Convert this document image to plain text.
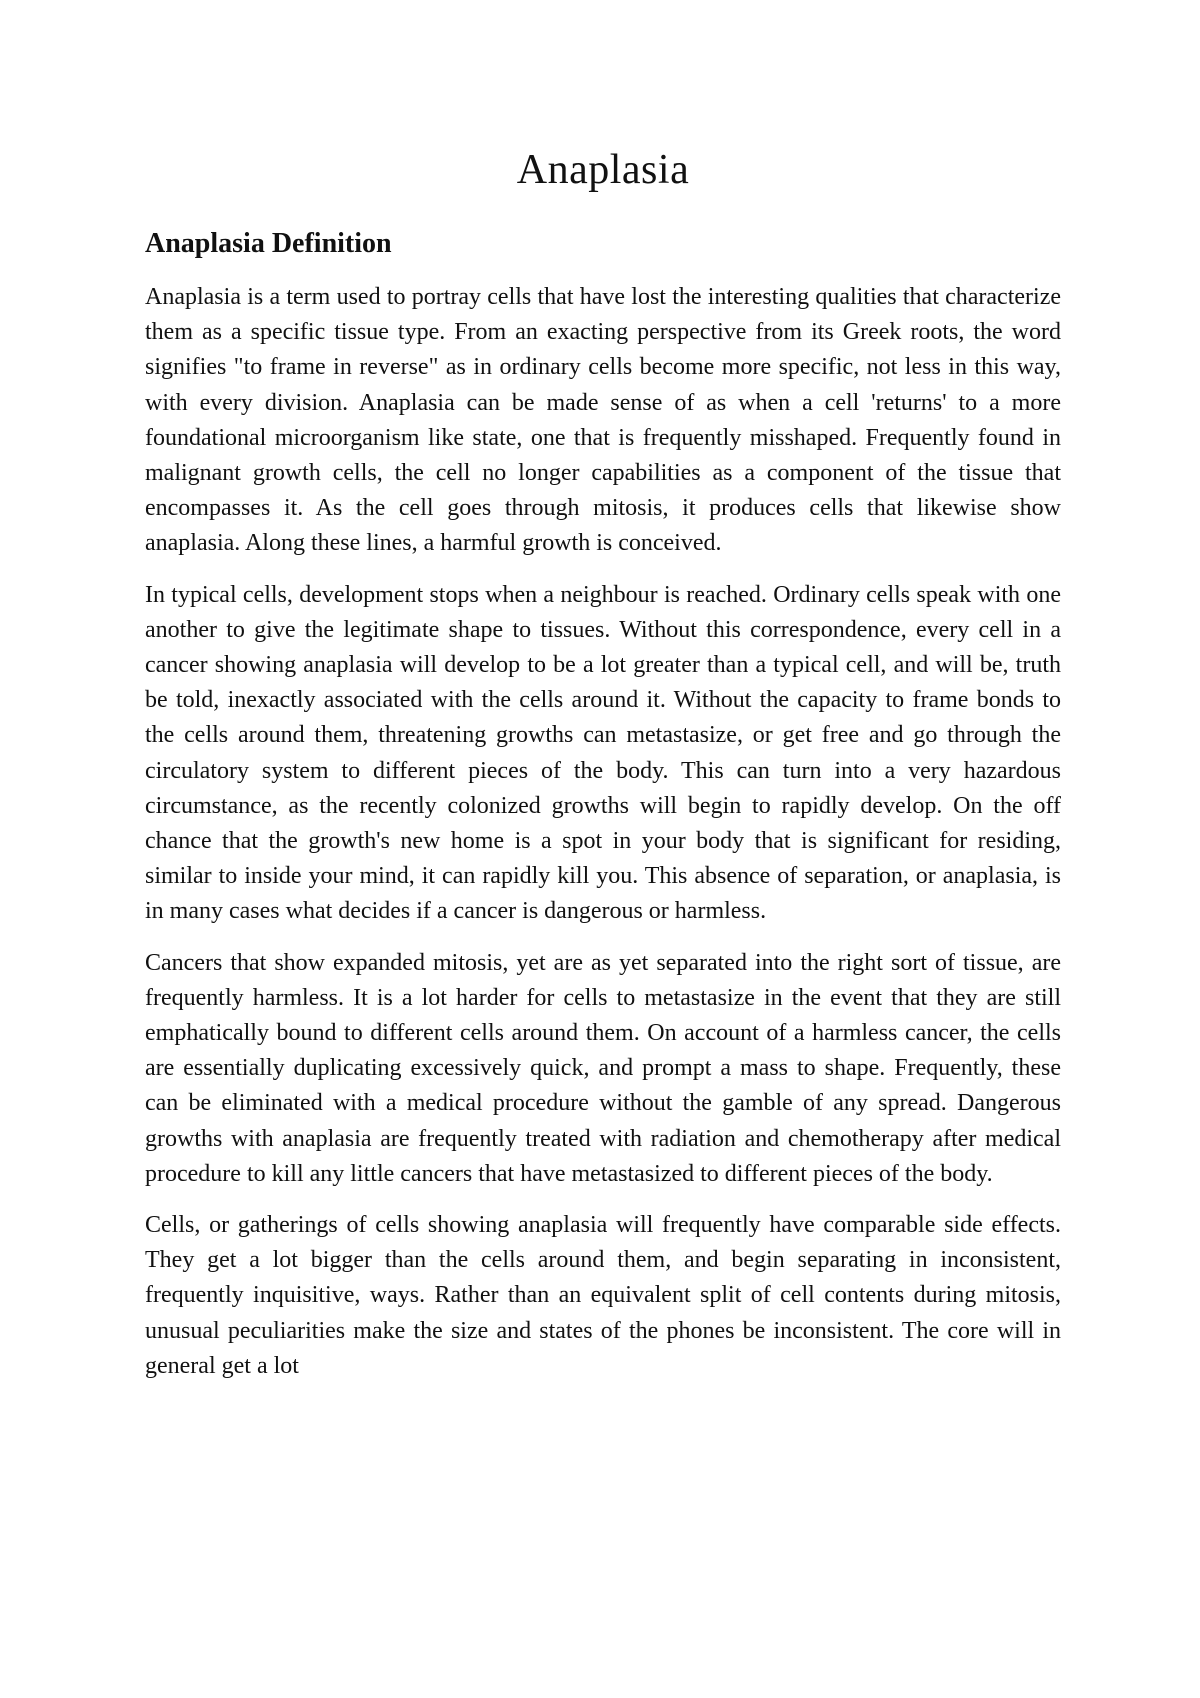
Anaplasia
Anaplasia Definition

Anaplasia is a term used to portray cells that have lost the interesting qualities that characterize them as a specific tissue type. From an exacting perspective from its Greek roots, the word signifies "to frame in reverse" as in ordinary cells become more specific, not less in this way, with every division. Anaplasia can be made sense of as when a cell 'returns' to a more foundational microorganism like state, one that is frequently misshaped. Frequently found in malignant growth cells, the cell no longer capabilities as a component of the tissue that encompasses it. As the cell goes through mitosis, it produces cells that likewise show anaplasia. Along these lines, a harmful growth is conceived.

In typical cells, development stops when a neighbour is reached. Ordinary cells speak with one another to give the legitimate shape to tissues. Without this correspondence, every cell in a cancer showing anaplasia will develop to be a lot greater than a typical cell, and will be, truth be told, inexactly associated with the cells around it. Without the capacity to frame bonds to the cells around them, threatening growths can metastasize, or get free and go through the circulatory system to different pieces of the body. This can turn into a very hazardous circumstance, as the recently colonized growths will begin to rapidly develop. On the off chance that the growth's new home is a spot in your body that is significant for residing, similar to inside your mind, it can rapidly kill you. This absence of separation, or anaplasia, is in many cases what decides if a cancer is dangerous or harmless.

Cancers that show expanded mitosis, yet are as yet separated into the right sort of tissue, are frequently harmless. It is a lot harder for cells to metastasize in the event that they are still emphatically bound to different cells around them. On account of a harmless cancer, the cells are essentially duplicating excessively quick, and prompt a mass to shape. Frequently, these can be eliminated with a medical procedure without the gamble of any spread. Dangerous growths with anaplasia are frequently treated with radiation and chemotherapy after medical procedure to kill any little cancers that have metastasized to different pieces of the body.

Cells, or gatherings of cells showing anaplasia will frequently have comparable side effects. They get a lot bigger than the cells around them, and begin separating in inconsistent, frequently inquisitive, ways. Rather than an equivalent split of cell contents during mitosis, unusual peculiarities make the size and states of the phones be inconsistent. The core will in general get a lot
